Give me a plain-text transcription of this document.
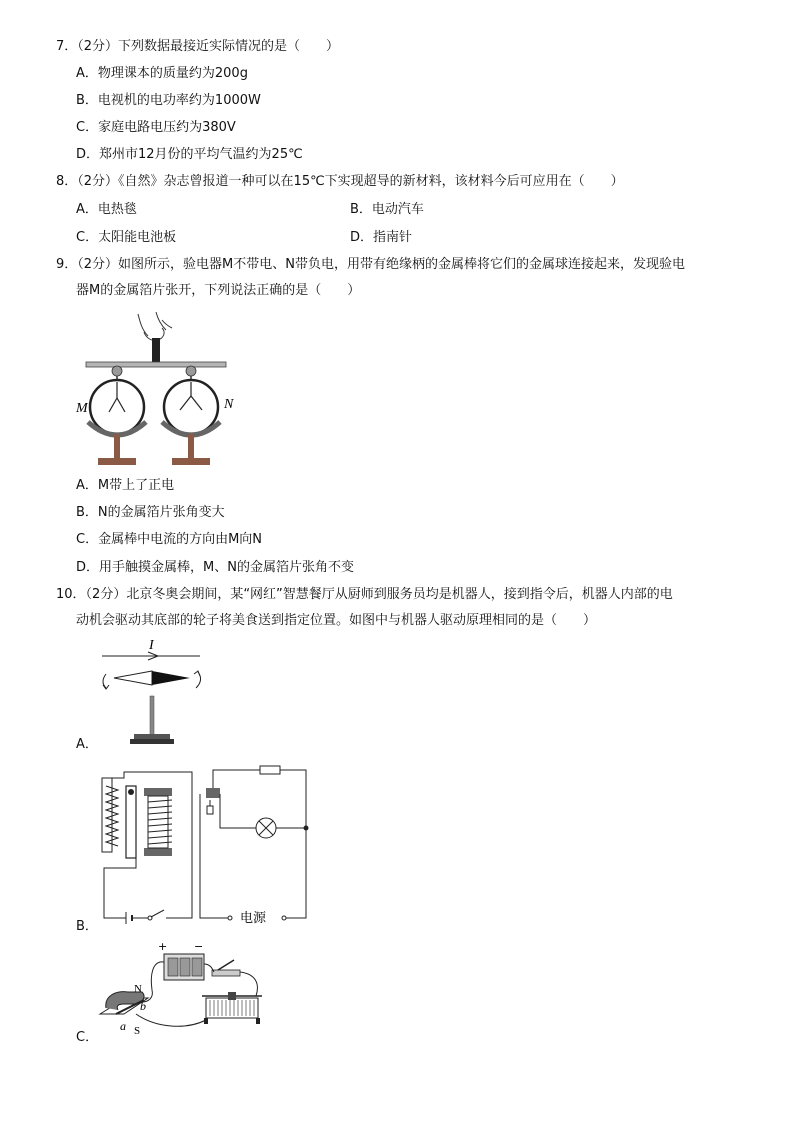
7．（2分）下列数据最接近实际情况的是（　　）
A．物理课本的质量约为200g
B．电视机的电功率约为1000W
C．家庭电路电压约为380V
D．郑州市12月份的平均气温约为25℃
8．（2分）《自然》杂志曾报道一种可以在15℃下实现超导的新材料，该材料今后可应用在（　　）
A．电热毯	B．电动汽车
C．太阳能电池板	D．指南针
9．（2分）如图所示，验电器M不带电、N带负电，用带有绝缘柄的金属棒将它们的金属球连接起来，发现验电
器M的金属箔片张开，下列说法正确的是（　　）
M	N
A．M带上了正电
B．N的金属箔片张角变大
C．金属棒中电流的方向由M向N
D．用手触摸金属棒，M、N的金属箔片张角不变
10．（2分）北京冬奥会期间，某“网红”智慧餐厅从厨师到服务员均是机器人，接到指令后，机器人内部的电
动机会驱动其底部的轮子将美食送到指定位置。如图中与机器人驱动原理相同的是（　　）
I
A．
电源
B．
+ −
N
S
a
b
C．
